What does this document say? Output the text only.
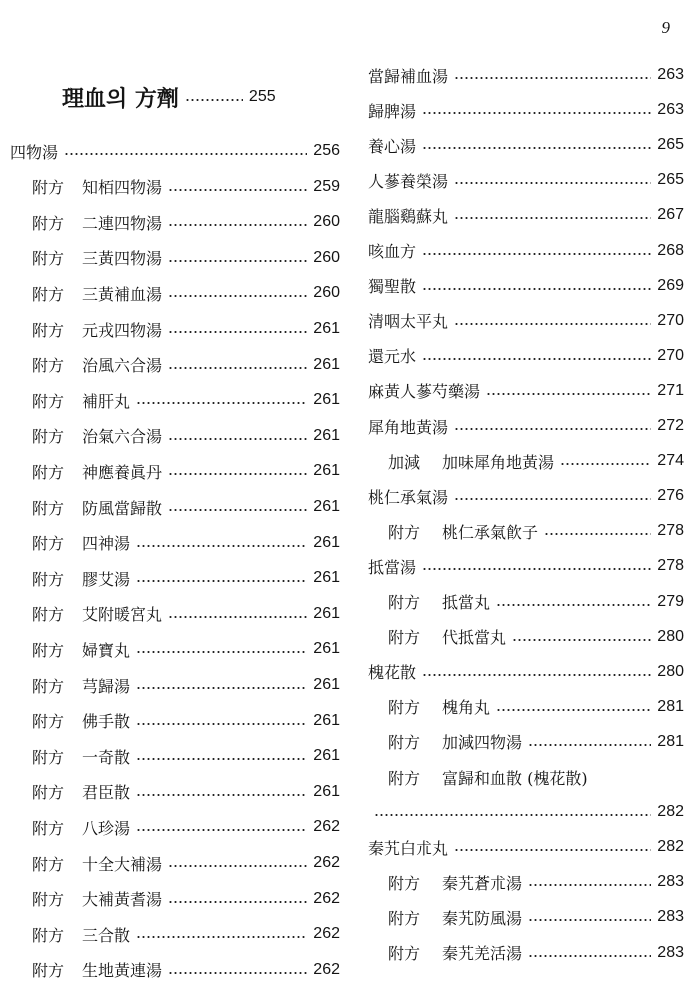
9
理血의 方劑	255
四物湯	256
附方	知栢四物湯	259
附方	二連四物湯	260
附方	三黃四物湯	260
附方	三黃補血湯	260
附方	元戎四物湯	261
附方	治風六合湯	261
附方	補肝丸	261
附方	治氣六合湯	261
附方	神應養眞丹	261
附方	防風當歸散	261
附方	四神湯	261
附方	膠艾湯	261
附方	艾附暖宮丸	261
附方	婦寶丸	261
附方	芎歸湯	261
附方	佛手散	261
附方	一奇散	261
附方	君臣散	261
附方	八珍湯	262
附方	十全大補湯	262
附方	大補黃耆湯	262
附方	三合散	262
附方	生地黃連湯	262
當歸補血湯	263
歸脾湯	263
養心湯	265
人蔘養榮湯	265
龍腦鷄蘇丸	267
咳血方	268
獨聖散	269
清咽太平丸	270
還元水	270
麻黃人蔘芍藥湯	271
犀角地黃湯	272
加減	加味犀角地黃湯	274
桃仁承氣湯	276
附方	桃仁承氣飮子	278
抵當湯	278
附方	抵當丸	279
附方	代抵當丸	280
槐花散	280
附方	槐角丸	281
附方	加減四物湯	281
附方	富歸和血散 (槐花散)
282
秦艽白朮丸	282
附方	秦艽蒼朮湯	283
附方	秦艽防風湯	283
附方	秦艽羌活湯	283
